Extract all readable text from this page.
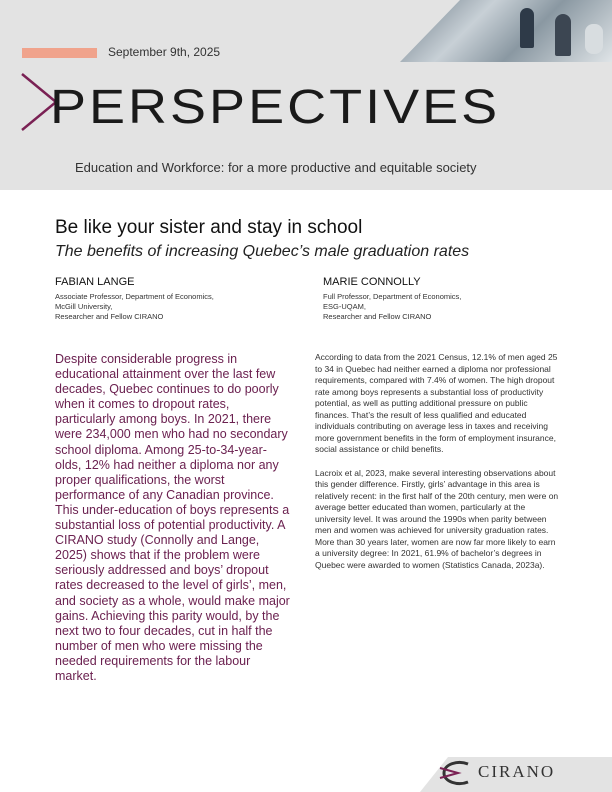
September 9th, 2025
PERSPECTIVES
Education and Workforce: for a more productive and equitable society
Be like your sister and stay in school
The benefits of increasing Quebec’s male graduation rates
FABIAN LANGE
Associate Professor, Department of Economics,
McGill University,
Researcher and Fellow CIRANO
MARIE CONNOLLY
Full Professor, Department of Economics,
ESG-UQAM,
Researcher and Fellow CIRANO

Despite considerable progress in educational attainment over the last few decades, Quebec continues to do poorly when it comes to dropout rates, particularly among boys. In 2021, there were 234,000 men who had no secondary school diploma. Among 25-to-34-year-olds, 12% had neither a diploma nor any proper qualifications, the worst performance of any Canadian province. This under-education of boys represents a substantial loss of potential productivity. A CIRANO study (Connolly and Lange, 2025) shows that if the problem were seriously addressed and boys’ dropout rates decreased to the level of girls’, men, and society as a whole, would make major gains. Achieving this parity would, by the next two to four decades, cut in half the number of men who were missing the needed requirements for the labour market.

According to data from the 2021 Census, 12.1% of men aged 25 to 34 in Quebec had neither earned a diploma nor professional requirements, compared with 7.4% of women. The high dropout rate among boys represents a substantial loss of productivity potential, as well as putting additional pressure on public finances. That’s the result of less qualified and educated individuals contributing on average less in taxes and receiving more government benefits in the form of employment insurance, social assistance or child benefits.

Lacroix et al, 2023, make several interesting observations about this gender difference. Firstly, girls’ advantage in this area is relatively recent: in the first half of the 20th century, men were on average better educated than women, particularly at the university level. It was around the 1990s when parity between men and women was achieved for university graduation rates. More than 30 years later, women are now far more likely to earn a university degree: In 2021, 61.9% of bachelor’s degrees in Quebec were awarded to women (Statistics Canada, 2023a).

CIRANO
